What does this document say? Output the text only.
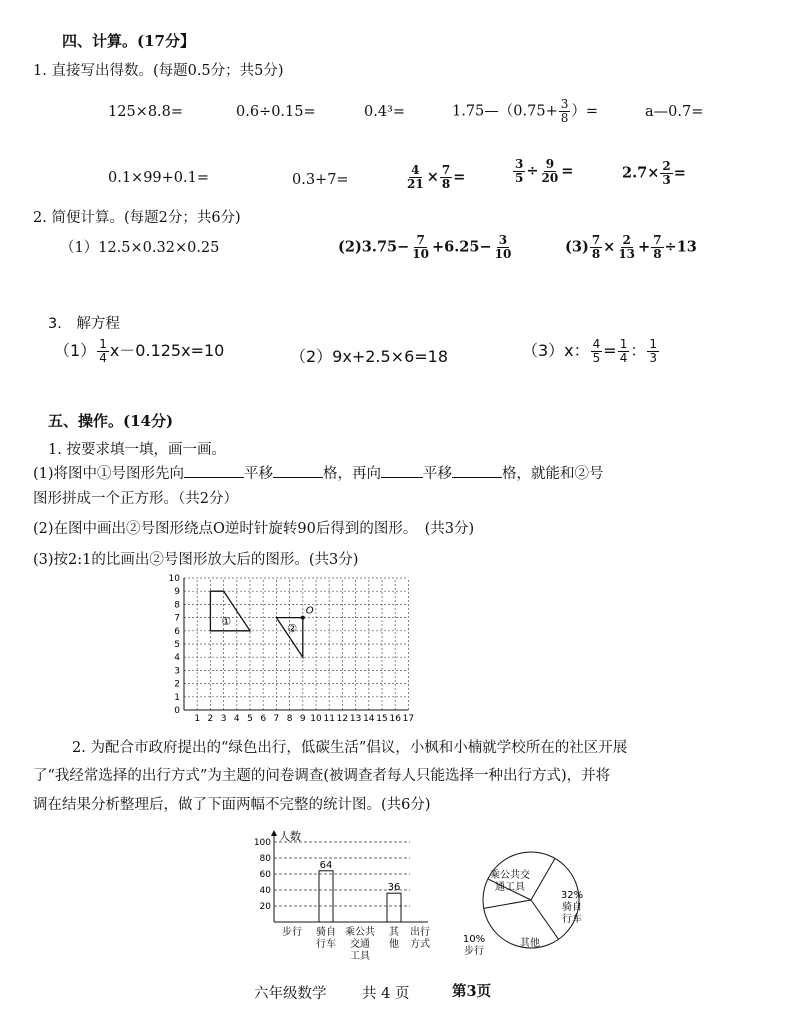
四、计算。(17分】
1. 直接写出得数。(每题0.5分；共5分)
125×8.8=	0.6÷0.15=	0.4³=	1.75—（0.75+ $\frac{3}{8}$ ）=	a—0.7=
0.1×99+0.1=	0.3+7=	$\frac{4}{21} \times \frac{7}{8}$ =	$\frac{3}{5} \div \frac{9}{20}$ =	$2.7\times \frac{2}{3}$ =
2. 简便计算。(每题2分；共6分)
（1）12.5×0.32×0.25	$(2)3.75- \frac{7}{10} +6.25- \frac{3}{10}$	$(3) \frac{7}{8} \times \frac{2}{13} + \frac{7}{8} \div 13$
3.　解方程
$(1) \frac{1}{4} x-0.125x=10$	（2）9x+2.5×6=18	（3）x： $\frac{4}{5} = \frac{1}{4}$ ： $\frac{1}{3}$
五、操作。(14分)
1. 按要求填一填，画一画。
(1)将图中①号图形先向	平移	格，再向	平移	格，就能和②号
图形拼成一个正方形。（共2分）
(2)在图中画出②号图形绕点O逆时针旋转90后得到的图形。　(共3分)
(3)按2:1的比画出②号图形放大后的图形。(共3分)
1 2 3 4 5 6 7 8 9 10 11 12 13 14 15 16 17
0
1
2
3
4
5
6
7
8
9
10
①
②
O
2. 为配合市政府提出的“绿色出行，低碳生活”倡议，小枫和小楠就学校所在的社区开展
了“我经常选择的出行方式”为主题的问卷调查(被调查者每人只能选择一种出行方式)，并将
调在结果分析整理后，做了下面两幅不完整的统计图。(共6分)
人数
20
40
60
80
100
步行
64
骑自
行车
乘公共
交通
工具
36
其
他
出行
方式
乘公共交
通工具
32%
骑自
行车
其他
10%
步行
六年级数学 共 4 页	第3页
